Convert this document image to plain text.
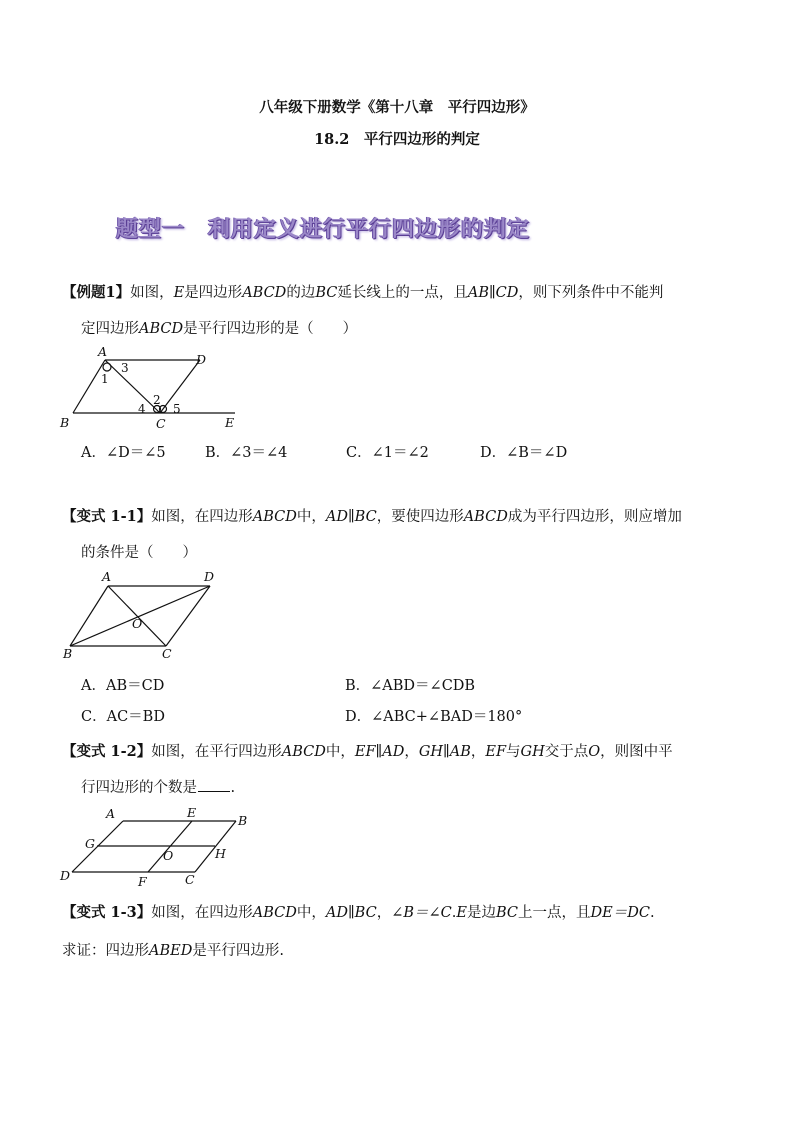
八年级下册数学《第十八章　平行四边形》
18.2　平行四边形的判定
题型一　利用定义进行平行四边形的判定
【例题1】如图，E是四边形ABCD的边BC延长线上的一点，且AB∥CD，则下列条件中不能判
定四边形ABCD是平行四边形的是（　　）
A
D
B	C	E
1
3
2
4 5
A．∠D＝∠5	B．∠3＝∠4	C．∠1＝∠2	D．∠B＝∠D
【变式 1-1】如图，在四边形ABCD中，AD∥BC，要使四边形ABCD成为平行四边形，则应增加
的条件是（　　）
A	D
B	C
O
A．AB＝CD	B．∠ABD＝∠CDB
C．AC＝BD	D．∠ABC+∠BAD＝180°
【变式 1-2】如图，在平行四边形ABCD中，EF∥AD，GH∥AB，EF与GH交于点O，则图中平
行四边形的个数是  .
A	E
B
G
O	H
D	F	C
【变式 1-3】如图，在四边形ABCD中，AD∥BC，∠B＝∠C.E是边BC上一点，且DE＝DC.
求证：四边形ABED是平行四边形.
